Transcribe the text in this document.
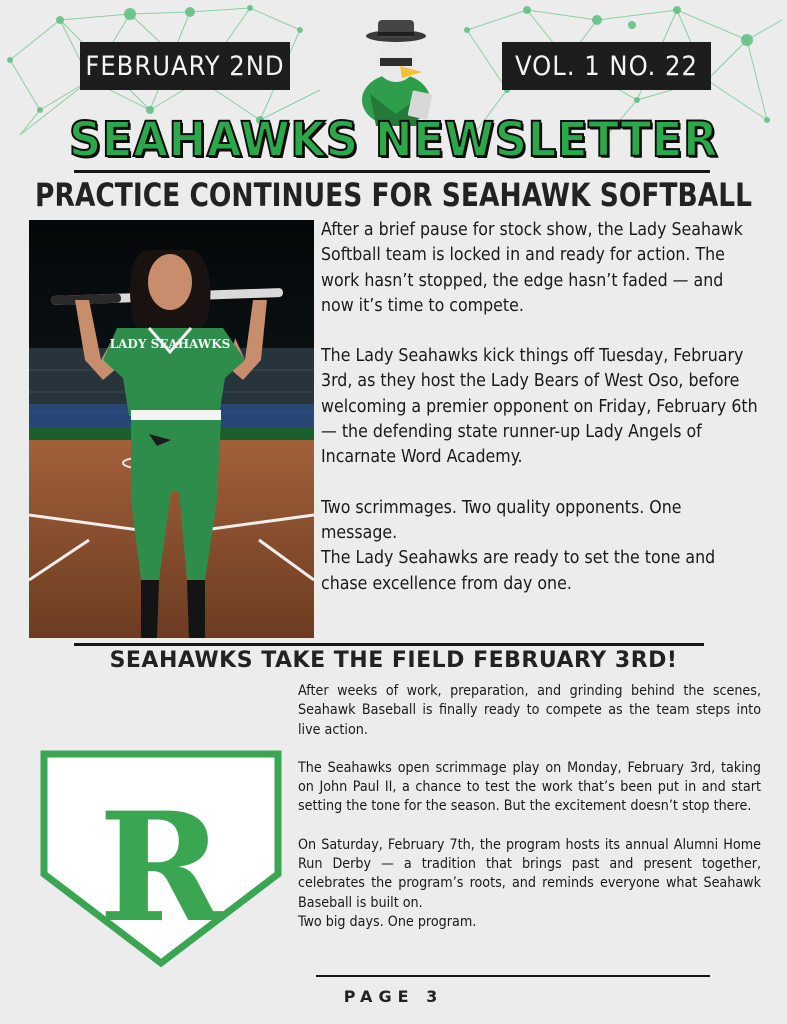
FEBRUARY 2ND	VOL. 1 NO. 22
SEAHAWKS NEWSLETTER
PRACTICE CONTINUES FOR SEAHAWK SOFTBALL
LADY SEAHAWKS

After a brief pause for stock show, the Lady Seahawk Softball team is locked in and ready for action. The work hasn’t stopped, the edge hasn’t faded — and now it’s time to compete.

The Lady Seahawks kick things off Tuesday, February 3rd, as they host the Lady Bears of West Oso, before welcoming a premier opponent on Friday, February 6th — the defending state runner-up Lady Angels of Incarnate Word Academy.

Two scrimmages. Two quality opponents. One message.

The Lady Seahawks are ready to set the tone and chase excellence from day one.

SEAHAWKS TAKE THE FIELD FEBRUARY 3RD!

After weeks of work, preparation, and grinding behind the scenes, Seahawk Baseball is finally ready to compete as the team steps into live action.

The Seahawks open scrimmage play on Monday, February 3rd, taking on John Paul II, a chance to test the work that’s been put in and start setting the tone for the season. But the excitement doesn’t stop there.

On Saturday, February 7th, the program hosts its annual Alumni Home Run Derby — a tradition that brings past and present together, celebrates the program’s roots, and reminds everyone what Seahawk Baseball is built on.

Two big days. One program.

R
PAGE 3
